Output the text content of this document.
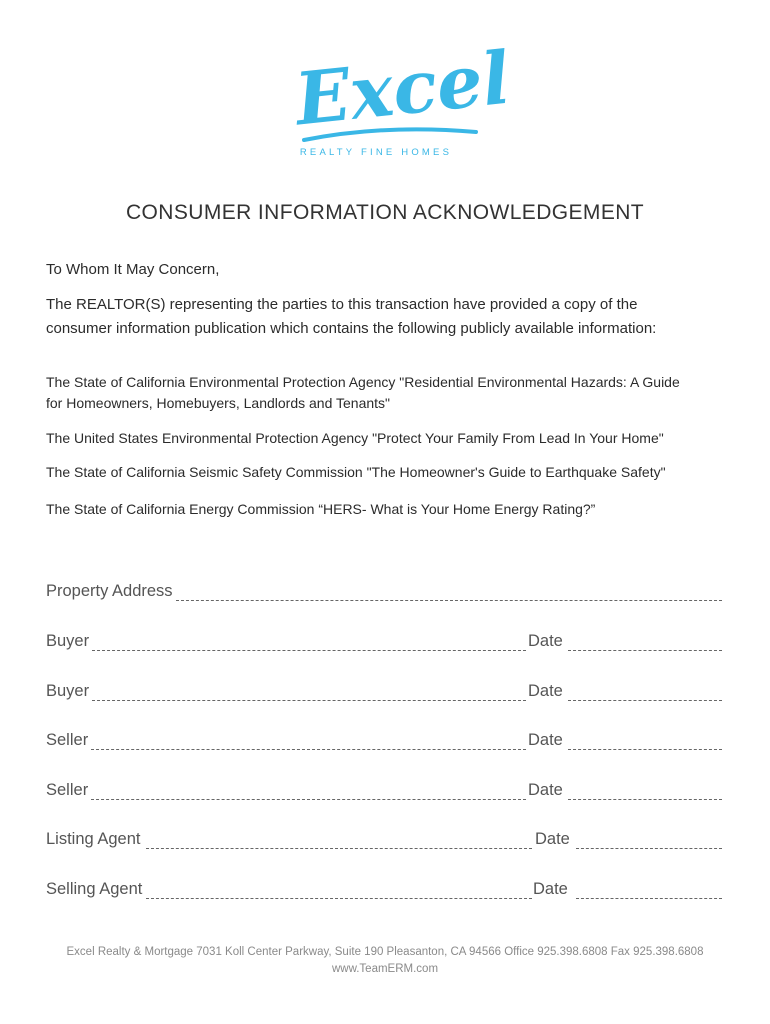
Excel
REALTY FINE HOMES
CONSUMER INFORMATION ACKNOWLEDGEMENT
To Whom It May Concern,
The REALTOR(S) representing the parties to this transaction have provided a copy of the
consumer information publication which contains the following publicly available information:
The State of California Environmental Protection Agency "Residential Environmental Hazards: A Guide
for Homeowners, Homebuyers, Landlords and Tenants"
The United States Environmental Protection Agency "Protect Your Family From Lead In Your Home"
The State of California Seismic Safety Commission "The Homeowner's Guide to Earthquake Safety"
The State of California Energy Commission “HERS- What is Your Home Energy Rating?”
Property Address
Buyer	Date
Buyer	Date
Seller	Date
Seller	Date
Listing Agent	Date
Selling Agent	Date
Excel Realty & Mortgage 7031 Koll Center Parkway, Suite 190 Pleasanton, CA 94566 Office 925.398.6808 Fax 925.398.6808
www.TeamERM.com
